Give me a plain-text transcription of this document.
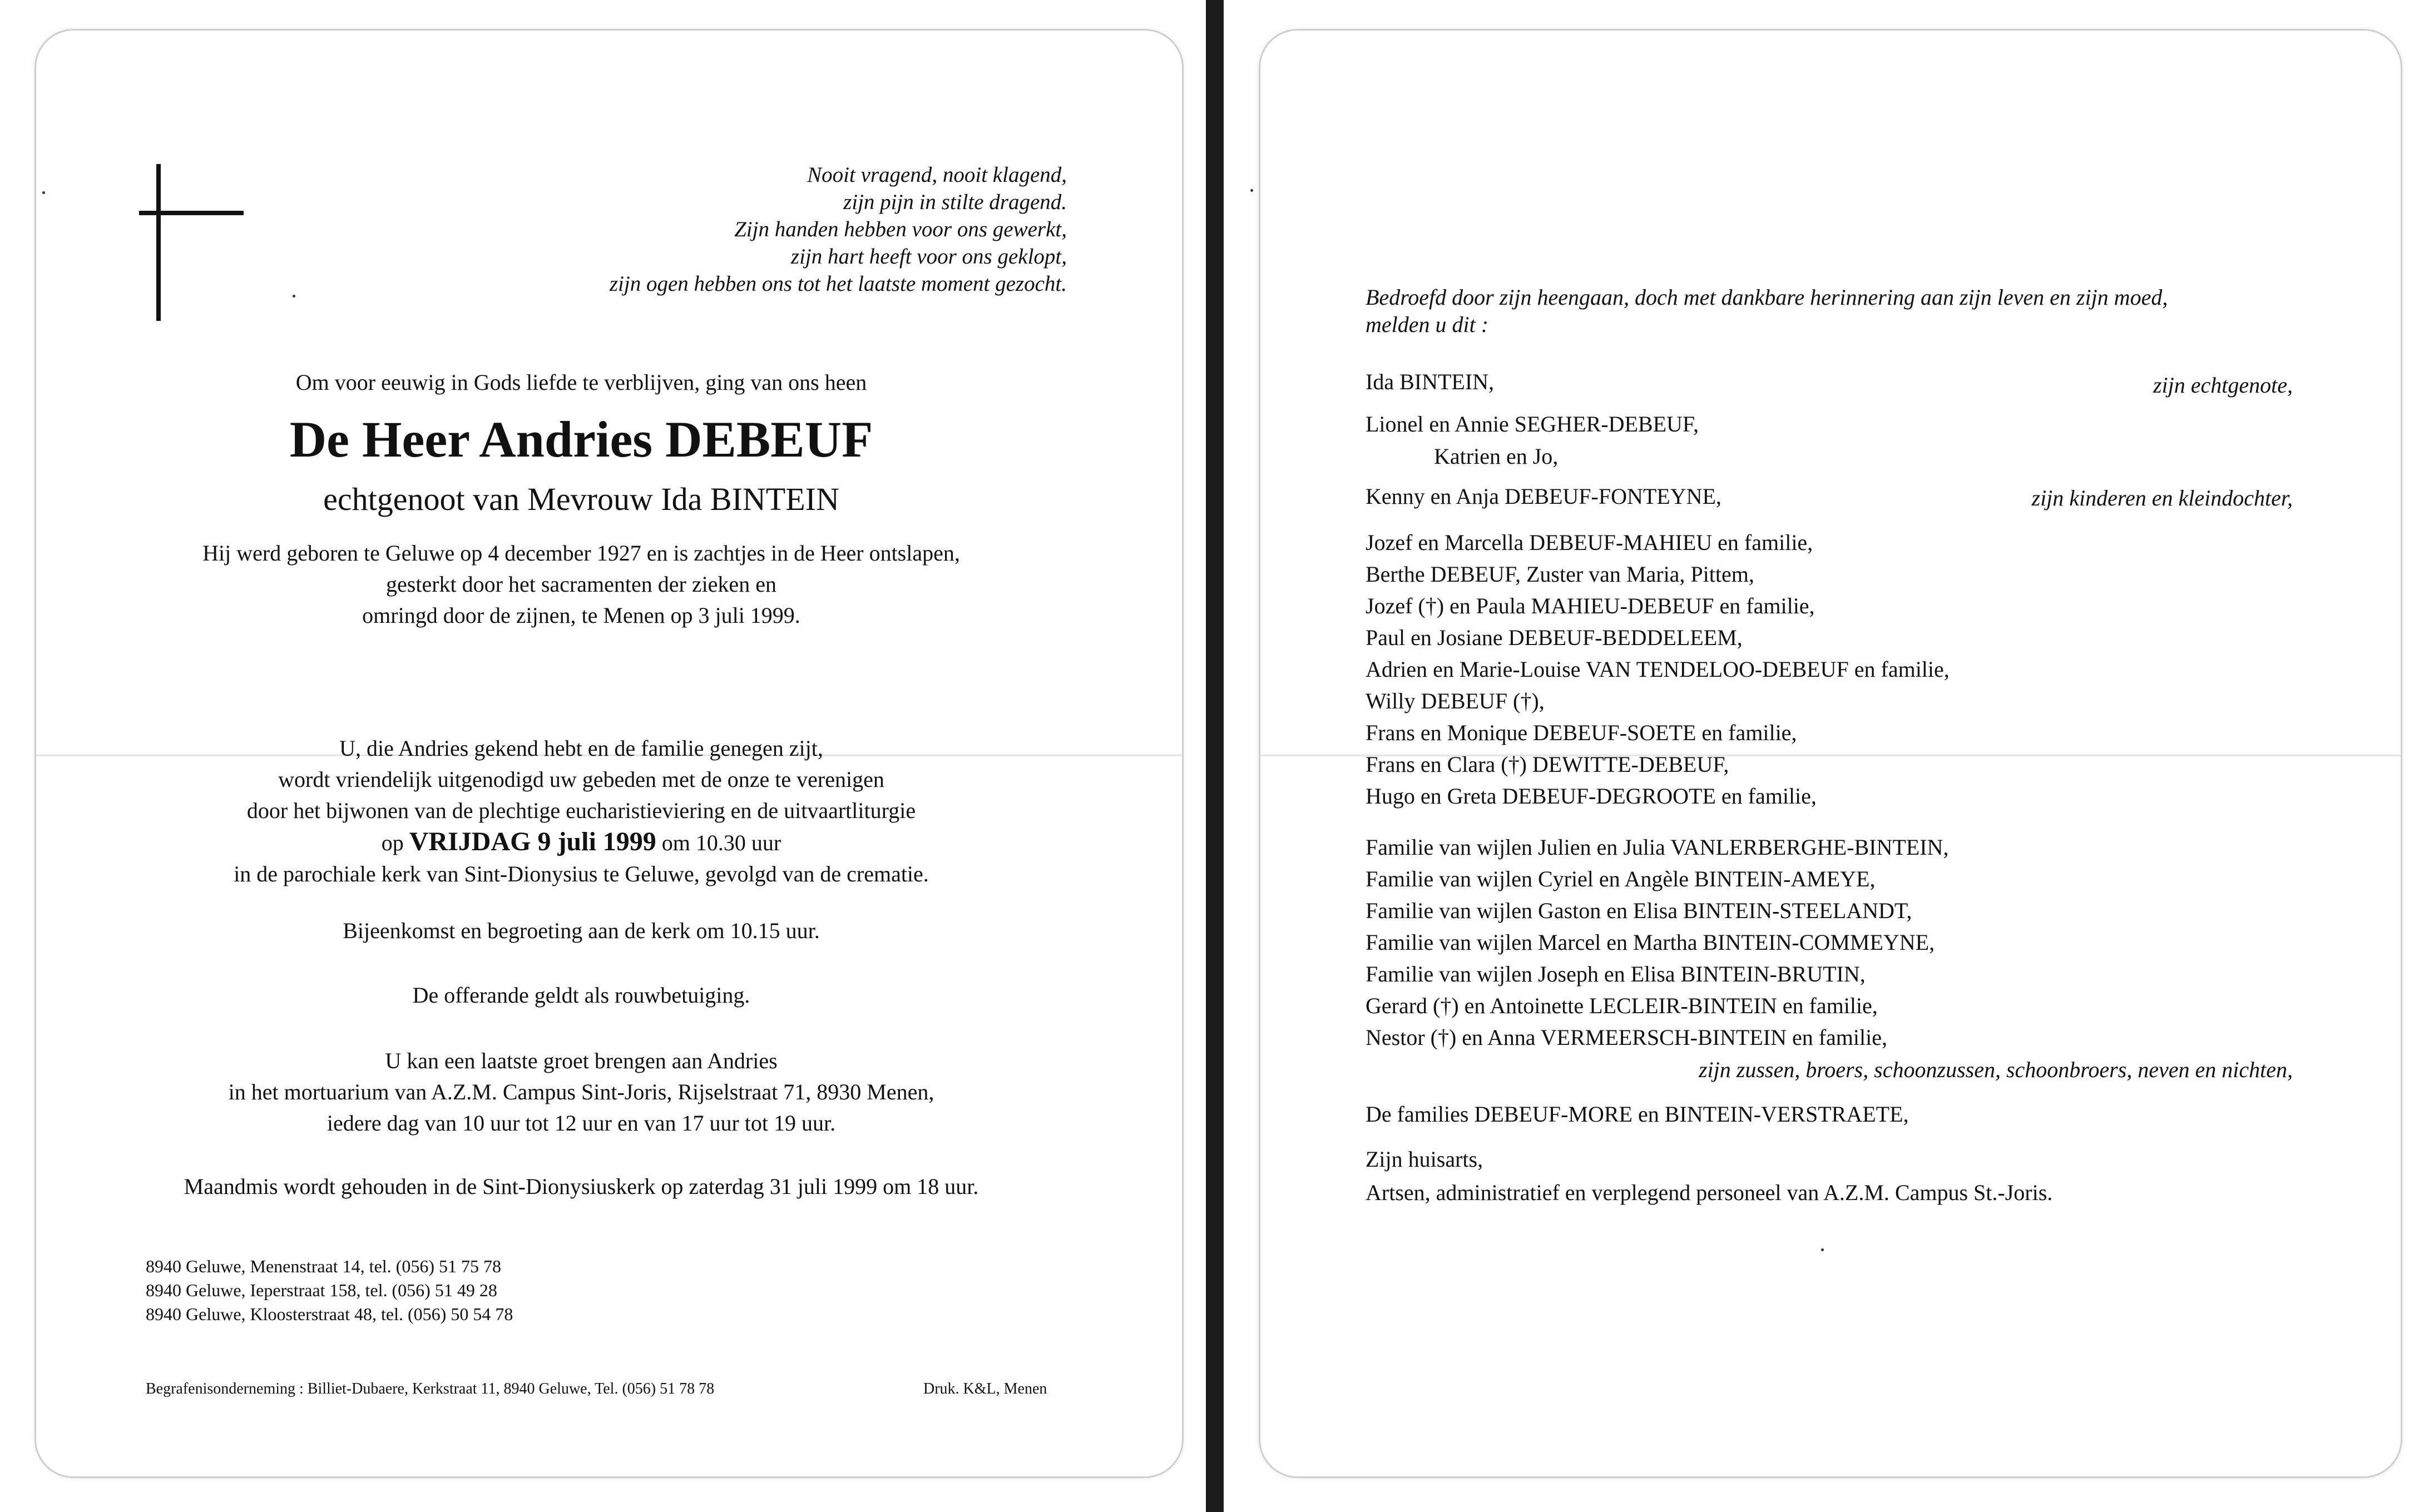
Nooit vragend, nooit klagend,
zijn pijn in stilte dragend.
Zijn handen hebben voor ons gewerkt,
zijn hart heeft voor ons geklopt,
zijn ogen hebben ons tot het laatste moment gezocht.
Om voor eeuwig in Gods liefde te verblijven, ging van ons heen
De Heer Andries DEBEUF
echtgenoot van Mevrouw Ida BINTEIN
Hij werd geboren te Geluwe op 4 december 1927 en is zachtjes in de Heer ontslapen,
gesterkt door het sacramenten der zieken en
omringd door de zijnen, te Menen op 3 juli 1999.
U, die Andries gekend hebt en de familie genegen zijt,
wordt vriendelijk uitgenodigd uw gebeden met de onze te verenigen
door het bijwonen van de plechtige eucharistieviering en de uitvaartliturgie
op VRIJDAG 9 juli 1999 om 10.30 uur
in de parochiale kerk van Sint-Dionysius te Geluwe, gevolgd van de crematie.
Bijeenkomst en begroeting aan de kerk om 10.15 uur.
De offerande geldt als rouwbetuiging.
U kan een laatste groet brengen aan Andries
in het mortuarium van A.Z.M. Campus Sint-Joris, Rijselstraat 71, 8930 Menen,
iedere dag van 10 uur tot 12 uur en van 17 uur tot 19 uur.
Maandmis wordt gehouden in de Sint-Dionysiuskerk op zaterdag 31 juli 1999 om 18 uur.
8940 Geluwe, Menenstraat 14, tel. (056) 51 75 78
8940 Geluwe, Ieperstraat 158, tel. (056) 51 49 28
8940 Geluwe, Kloosterstraat 48, tel. (056) 50 54 78
Begrafenisonderneming : Billiet-Dubaere, Kerkstraat 11, 8940 Geluwe, Tel. (056) 51 78 78	Druk. K&L, Menen
Bedroefd door zijn heengaan, doch met dankbare herinnering aan zijn leven en zijn moed,
melden u dit :
Ida BINTEIN,	zijn echtgenote,
Lionel en Annie SEGHER-DEBEUF,
Katrien en Jo,
Kenny en Anja DEBEUF-FONTEYNE,	zijn kinderen en kleindochter,
Jozef en Marcella DEBEUF-MAHIEU en familie,
Berthe DEBEUF, Zuster van Maria, Pittem,
Jozef (†) en Paula MAHIEU-DEBEUF en familie,
Paul en Josiane DEBEUF-BEDDELEEM,
Adrien en Marie-Louise VAN TENDELOO-DEBEUF en familie,
Willy DEBEUF (†),
Frans en Monique DEBEUF-SOETE en familie,
Frans en Clara (†) DEWITTE-DEBEUF,
Hugo en Greta DEBEUF-DEGROOTE en familie,
Familie van wijlen Julien en Julia VANLERBERGHE-BINTEIN,
Familie van wijlen Cyriel en Angèle BINTEIN-AMEYE,
Familie van wijlen Gaston en Elisa BINTEIN-STEELANDT,
Familie van wijlen Marcel en Martha BINTEIN-COMMEYNE,
Familie van wijlen Joseph en Elisa BINTEIN-BRUTIN,
Gerard (†) en Antoinette LECLEIR-BINTEIN en familie,
Nestor (†) en Anna VERMEERSCH-BINTEIN en familie,
zijn zussen, broers, schoonzussen, schoonbroers, neven en nichten,
De families DEBEUF-MORE en BINTEIN-VERSTRAETE,
Zijn huisarts,
Artsen, administratief en verplegend personeel van A.Z.M. Campus St.-Joris.
